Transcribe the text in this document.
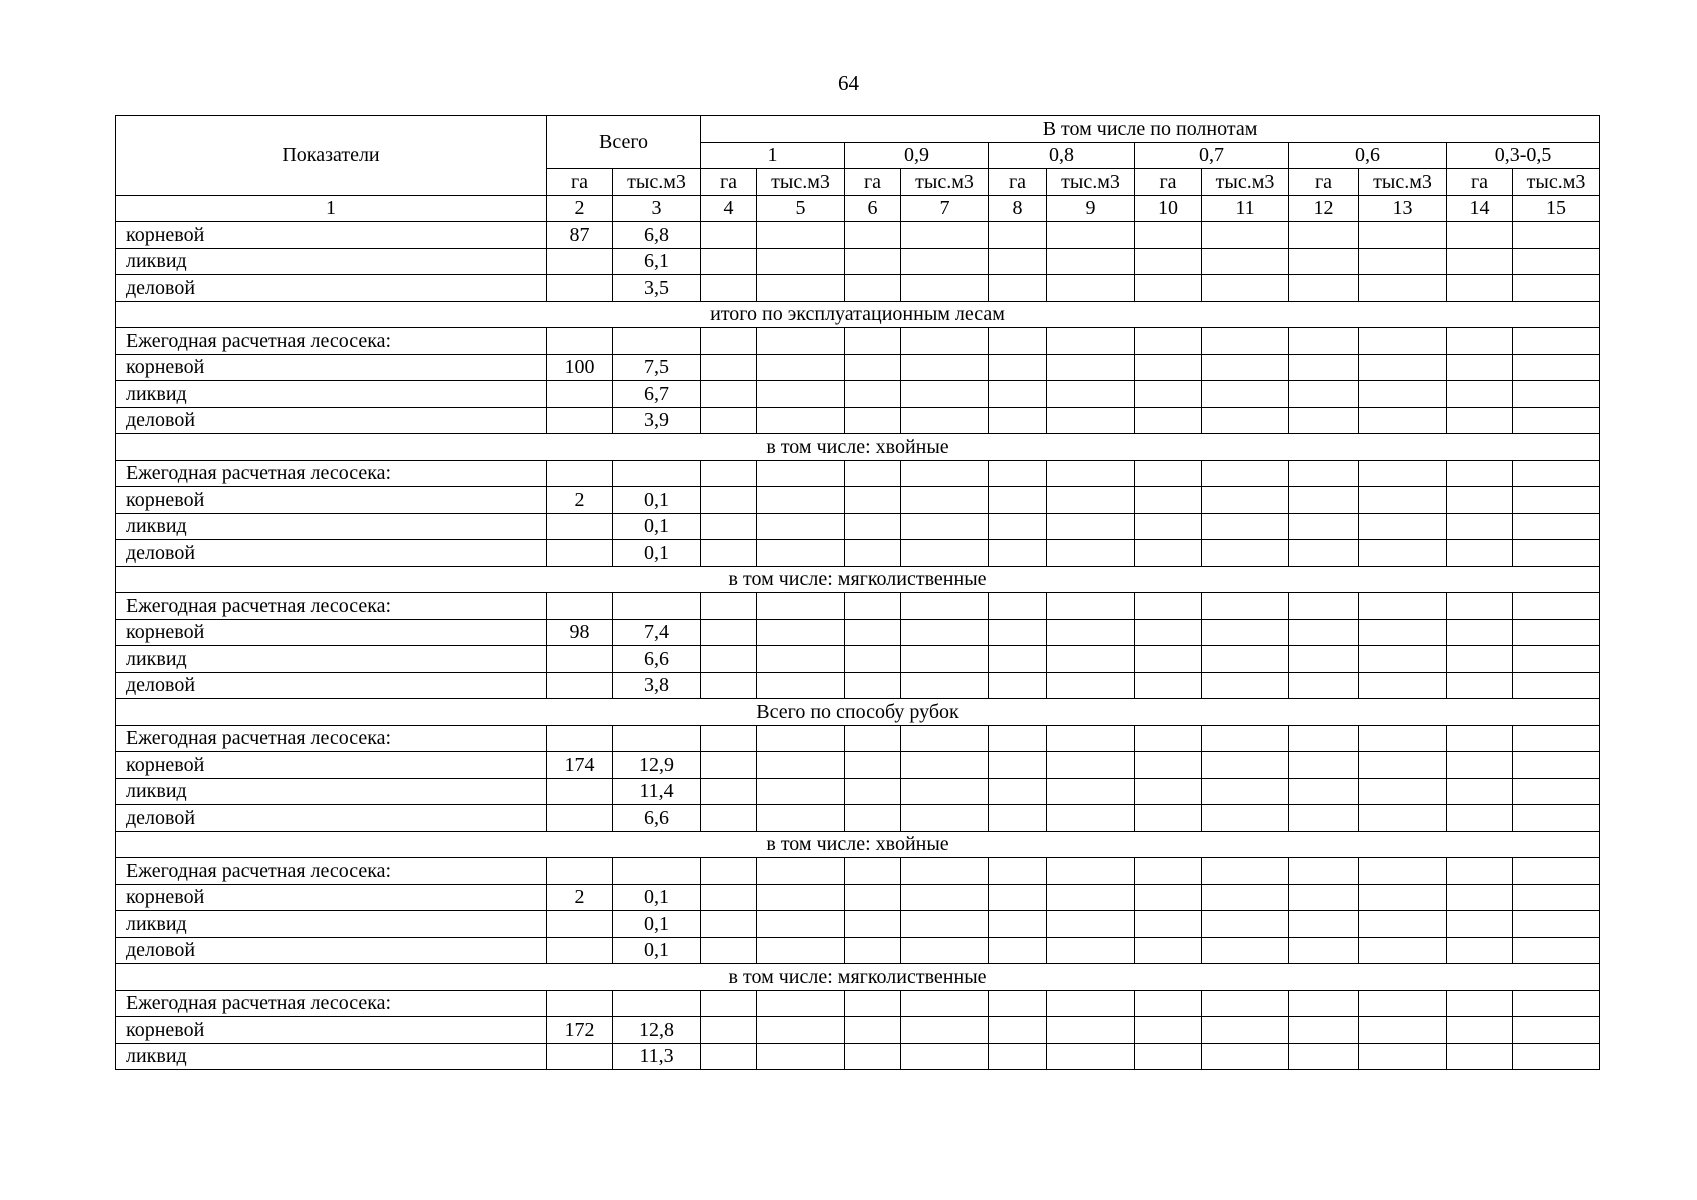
64
Показатели	Всего		В том числе по полнотам											
			1		0,9		0,8		0,7		0,6		0,3-0,5	
	га	тыс.м3	га	тыс.м3	га	тыс.м3	га	тыс.м3	га	тыс.м3	га	тыс.м3	га	тыс.м3
1	2	3	4	5	6	7	8	9	10	11	12	13	14	15
корневой	87	6,8												
ликвид		6,1												
деловой		3,5												
итого по эксплуатационным лесам														
Ежегодная расчетная лесосека:														
корневой	100	7,5												
ликвид		6,7												
деловой		3,9												
в том числе: хвойные														
Ежегодная расчетная лесосека:														
корневой	2	0,1												
ликвид		0,1												
деловой		0,1												
в том числе: мягколиственные														
Ежегодная расчетная лесосека:														
корневой	98	7,4												
ликвид		6,6												
деловой		3,8												
Всего по способу рубок														
Ежегодная расчетная лесосека:														
корневой	174	12,9												
ликвид		11,4												
деловой		6,6												
в том числе: хвойные														
Ежегодная расчетная лесосека:														
корневой	2	0,1												
ликвид		0,1												
деловой		0,1												
в том числе: мягколиственные														
Ежегодная расчетная лесосека:														
корневой	172	12,8												
ликвид		11,3												
